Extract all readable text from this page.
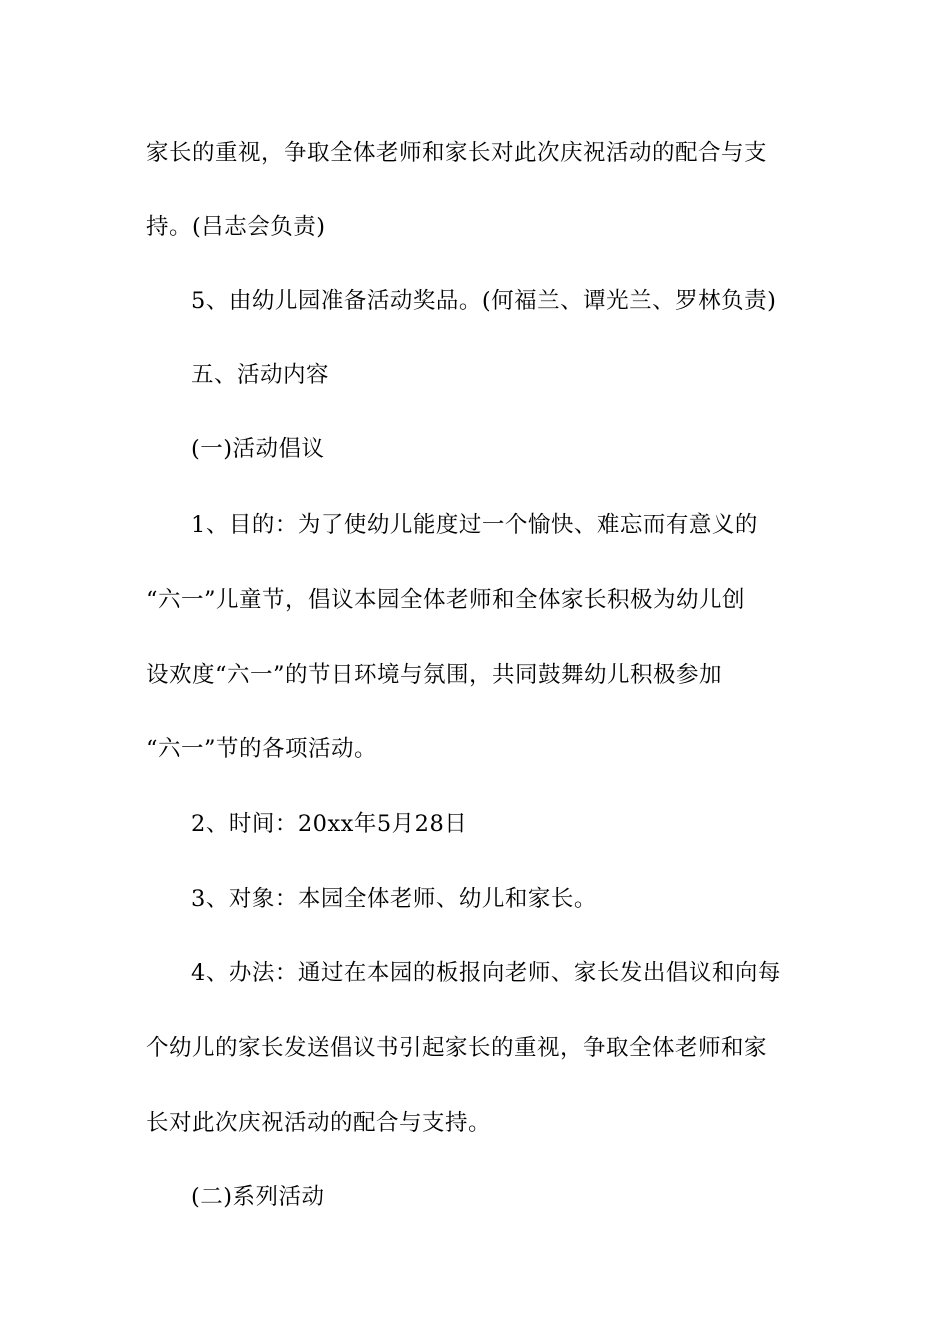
家长的重视，争取全体老师和家长对此次庆祝活动的配合与支
持。(吕志会负责)
5、由幼儿园准备活动奖品。(何福兰、谭光兰、罗林负责)
五、活动内容
(一)活动倡议
1、目的：为了使幼儿能度过一个愉快、难忘而有意义的
“六一”儿童节，倡议本园全体老师和全体家长积极为幼儿创
设欢度“六一”的节日环境与氛围，共同鼓舞幼儿积极参加
“六一”节的各项活动。
2、时间：20xx年5月28日
3、对象：本园全体老师、幼儿和家长。
4、办法：通过在本园的板报向老师、家长发出倡议和向每
个幼儿的家长发送倡议书引起家长的重视，争取全体老师和家
长对此次庆祝活动的配合与支持。
(二)系列活动
